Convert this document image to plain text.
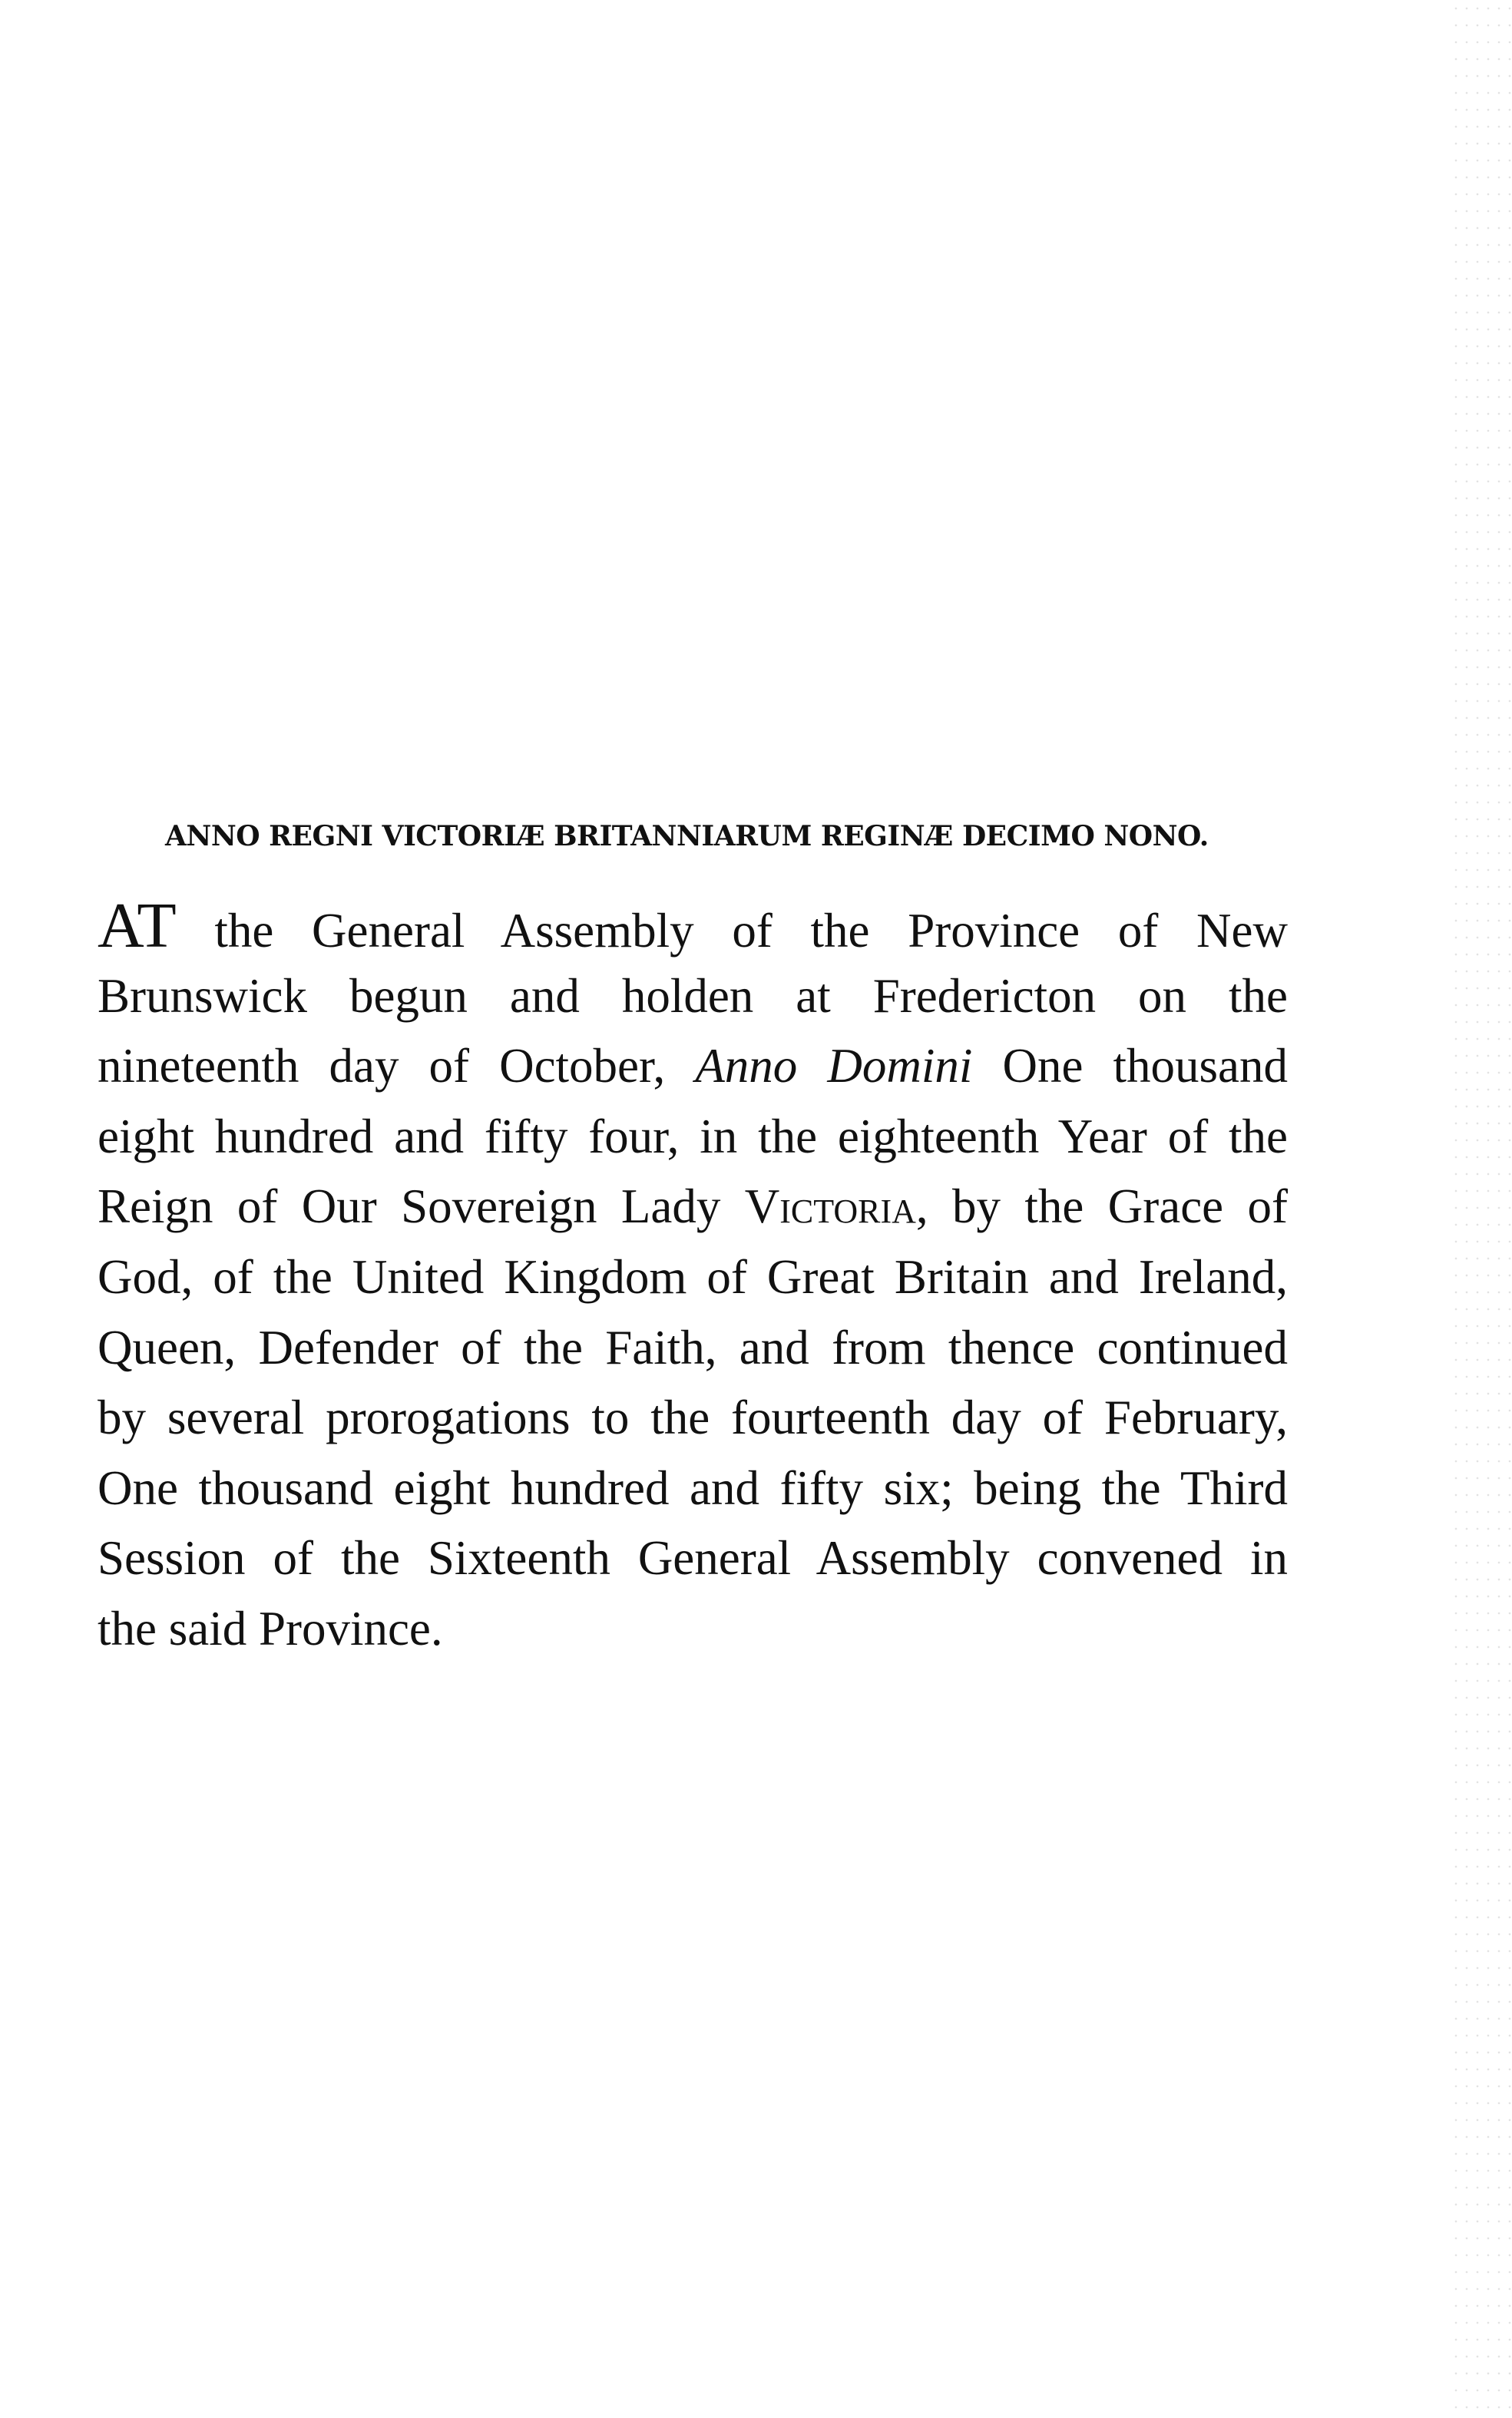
ANNO REGNI VICTORIÆ BRITANNIARUM REGINÆ DECIMO NONO.
AT the General Assembly of the Province of New
Brunswick begun and holden at Fredericton on the
nineteenth day of October, Anno Domini One thousand
eight hundred and fifty four, in the eighteenth Year of the
Reign of Our Sovereign Lady Victoria, by the Grace of
God, of the United Kingdom of Great Britain and Ireland,
Queen, Defender of the Faith, and from thence continued
by several prorogations to the fourteenth day of February,
One thousand eight hundred and fifty six; being the Third
Session of the Sixteenth General Assembly convened in
the said Province.
